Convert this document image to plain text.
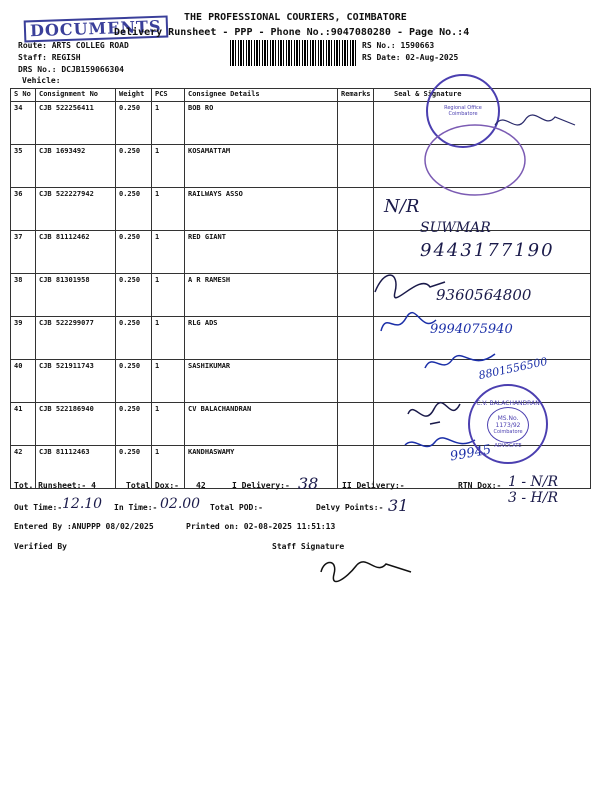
DOCUMENTS	THE PROFESSIONAL COURIERS, COIMBATORE
Delivery Runsheet - PPP - Phone No.:9047080280 - Page No.:4
Route: ARTS COLLEG ROAD
Staff: REGISH
DRS No.: DCJB159066304
Vehicle:
RS No.: 1590663
RS Date: 02-Aug-2025
S No	Consignment No	Weight	PCS	Consignee Details	Remarks	Seal & Signature
34	CJB 522256411	0.250	1	BOB RO		
35	CJB 1693492	0.250	1	KOSAMATTAM		
36	CJB 522227942	0.250	1	RAILWAYS ASSO		
37	CJB 81112462	0.250	1	RED GIANT		
38	CJB 81301958	0.250	1	A R RAMESH		
39	CJB 522299077	0.250	1	RLG ADS		
40	CJB 521911743	0.250	1	SASHIKUMAR		
41	CJB 522186940	0.250	1	CV BALACHANDRAN		
42	CJB 81112463	0.250	1	KANDHASWAMY		
Regional Office Coimbatore
N/R
SUWMAR
9443177190
9360564800
9994075940
8801556500
99945
C.V. BALACHANDRAN
MS.No.
1173/92
Coimbatore
ADVOCATE
Tot. Runsheet:- 4	Total Dox:- 42	I Delivery:- 38	II Delivery:-	RTN Dox:- 1 - N/R
3 - H/R
Out Time:- 12.10 In Time:- 02.00 Total POD:-	Delvy Points:- 31
Entered By :ANUPPP 08/02/2025	Printed on: 02-08-2025 11:51:13
Verified By	Staff Signature
